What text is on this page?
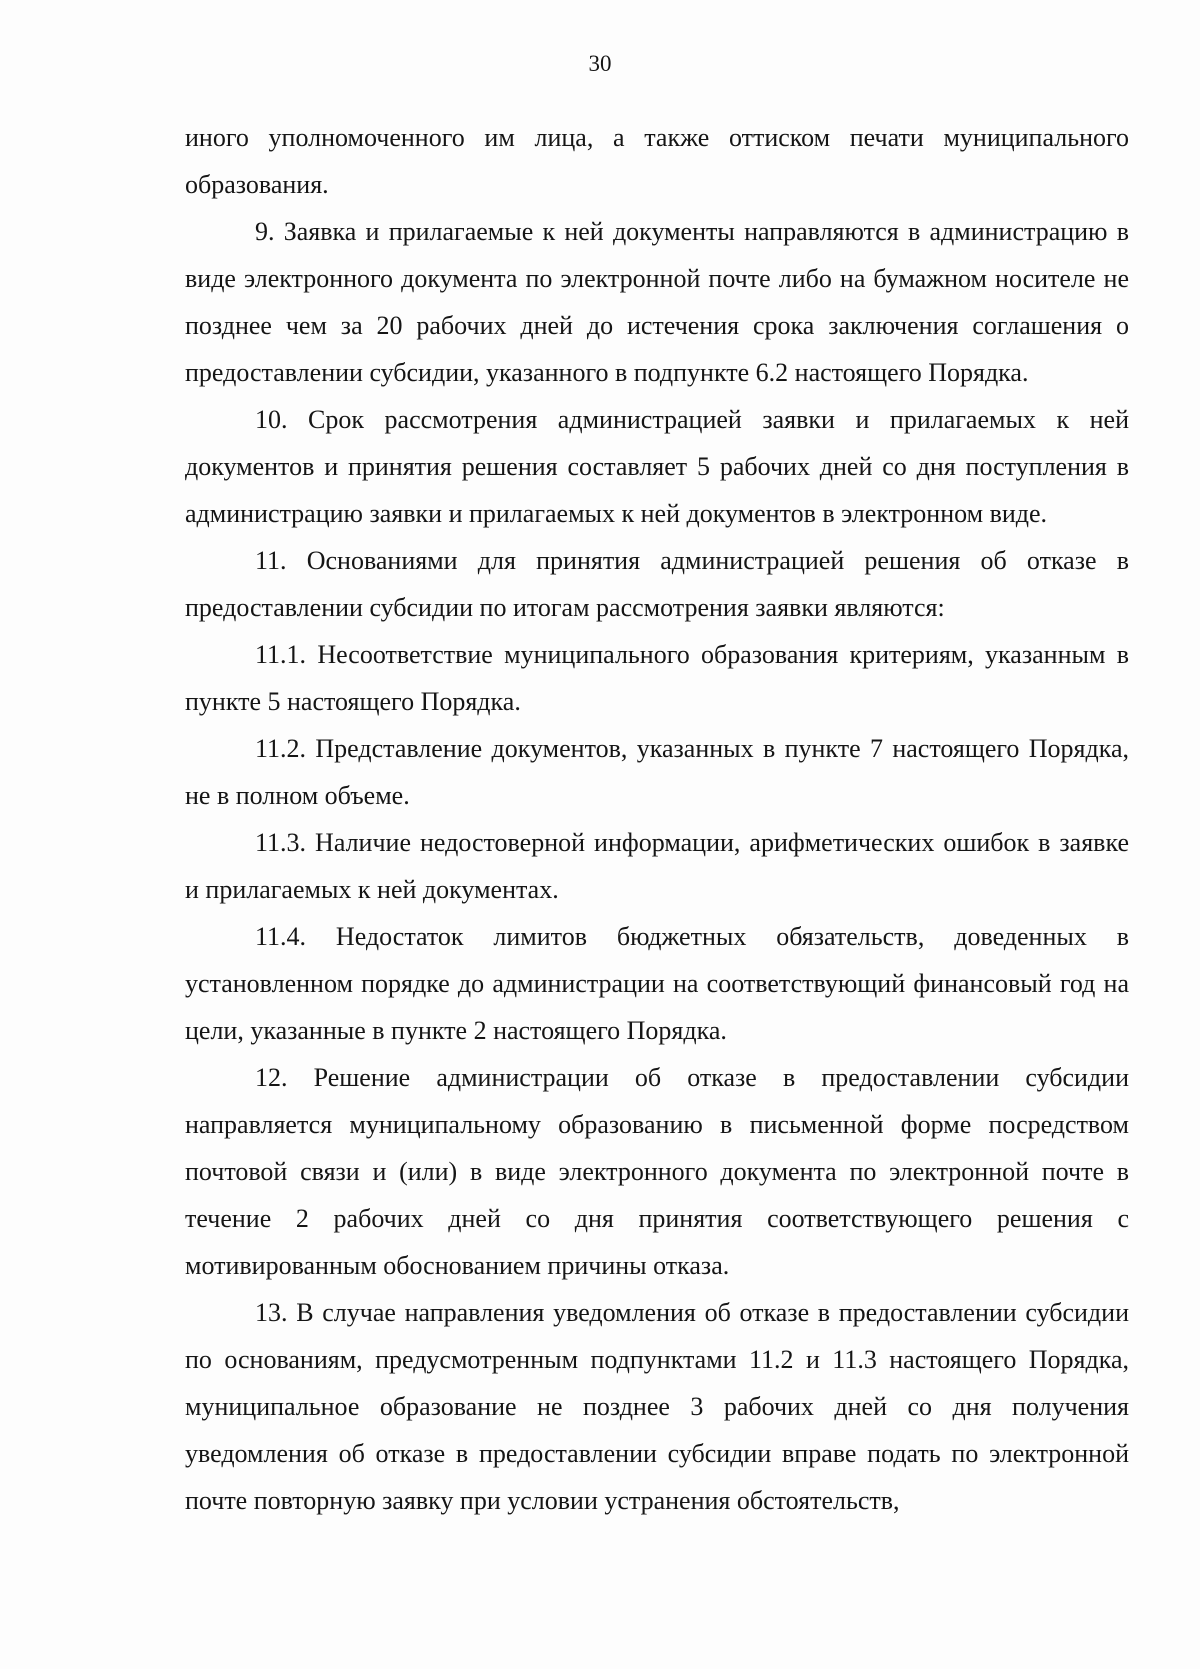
30

иного уполномоченного им лица, а также оттиском печати муниципального образования.

9. Заявка и прилагаемые к ней документы направляются в администрацию в виде электронного документа по электронной почте либо на бумажном носителе не позднее чем за 20 рабочих дней до истечения срока заключения соглашения о предоставлении субсидии, указанного в подпункте 6.2 настоящего Порядка.

10. Срок рассмотрения администрацией заявки и прилагаемых к ней документов и принятия решения составляет 5 рабочих дней со дня поступления в администрацию заявки и прилагаемых к ней документов в электронном виде.

11. Основаниями для принятия администрацией решения об отказе в предоставлении субсидии по итогам рассмотрения заявки являются:

11.1. Несоответствие муниципального образования критериям, указанным в пункте 5 настоящего Порядка.

11.2. Представление документов, указанных в пункте 7 настоящего Порядка, не в полном объеме.

11.3. Наличие недостоверной информации, арифметических ошибок в заявке и прилагаемых к ней документах.

11.4. Недостаток лимитов бюджетных обязательств, доведенных в установленном порядке до администрации на соответствующий финансовый год на цели, указанные в пункте 2 настоящего Порядка.

12. Решение администрации об отказе в предоставлении субсидии направляется муниципальному образованию в письменной форме посредством почтовой связи и (или) в виде электронного документа по электронной почте в течение 2 рабочих дней со дня принятия соответствующего решения с мотивированным обоснованием причины отказа.

13. В случае направления уведомления об отказе в предоставлении субсидии по основаниям, предусмотренным подпунктами 11.2 и 11.3 настоящего Порядка, муниципальное образование не позднее 3 рабочих дней со дня получения уведомления об отказе в предоставлении субсидии вправе подать по электронной почте повторную заявку при условии устранения обстоятельств,
